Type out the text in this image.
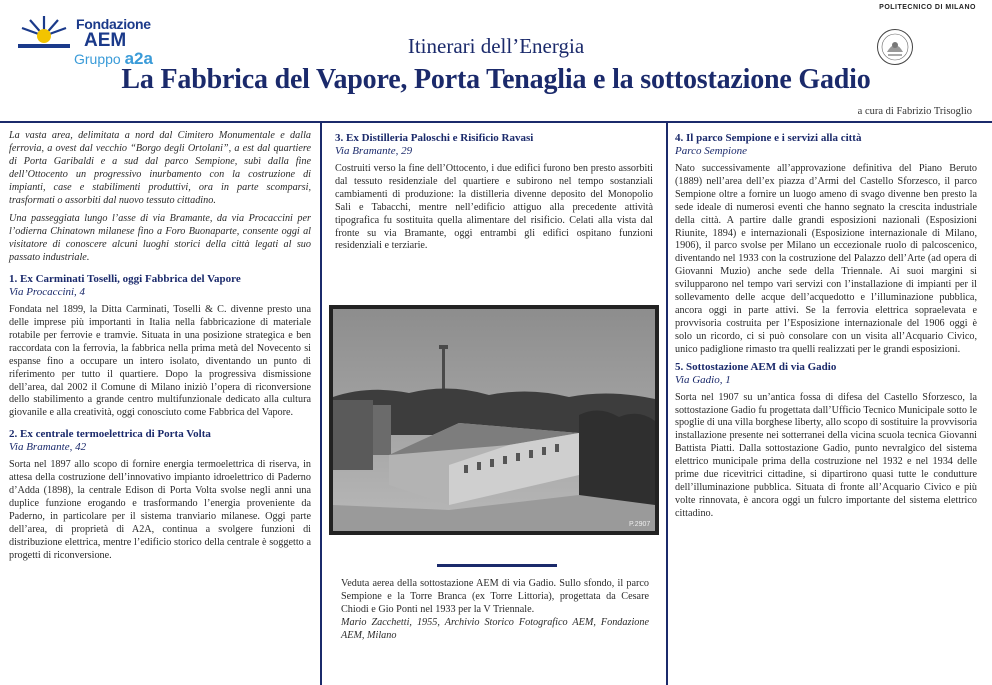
Fondazione
AEM
Gruppo a2a
POLITECNICO DI MILANO
Itinerari dell’Energia
La Fabbrica del Vapore, Porta Tenaglia e la sottostazione Gadio
a cura di Fabrizio Trisoglio

La vasta area, delimitata a nord dal Cimitero Monumentale e dalla ferrovia, a ovest dal vecchio “Borgo degli Ortolani”, a est dal quartiere di Porta Garibaldi e a sud dal parco Sempione, subì dalla fine dell’Ottocento un progressivo inurbamento con la costruzione di impianti, case e stabilimenti produttivi, ora in parte scomparsi, trasformati o assorbiti dal nuovo tessuto cittadino.

Una passeggiata lungo l’asse di via Bramante, da via Procaccini per l’odierna Chinatown milanese fino a Foro Buonaparte, consente oggi al visitatore di conoscere alcuni luoghi storici della città legati al suo passato industriale.

1. Ex Carminati Toselli, oggi Fabbrica del Vapore
Via Procaccini, 4

Fondata nel 1899, la Ditta Carminati, Toselli & C. divenne presto una delle imprese più importanti in Italia nella fabbricazione di materiale rotabile per ferrovie e tramvie. Situata in una posizione strategica e ben raccordata con la ferrovia, la fabbrica nella prima metà del Novecento si espanse fino a occupare un intero isolato, diventando un punto di riferimento per tutto il quartiere. Dopo la progressiva dismissione dell’area, dal 2002 il Comune di Milano iniziò l’opera di riconversione dello stabilimento a grande centro multifunzionale dedicato alla cultura giovanile e alla creatività, oggi conosciuto come Fabbrica del Vapore.

2. Ex centrale termoelettrica di Porta Volta
Via Bramante, 42

Sorta nel 1897 allo scopo di fornire energia termoelettrica di riserva, in attesa della costruzione dell’innovativo impianto idroelettrico di Paderno d’Adda (1898), la centrale Edison di Porta Volta svolse negli anni una duplice funzione erogando e trasformando l’energia proveniente da Paderno, in particolare per il sistema tranviario milanese. Oggi parte dell’area, di proprietà di A2A, continua a svolgere funzioni di distribuzione elettrica, mentre l’edificio storico della centrale è soggetto a progetti di riconversione.

3. Ex Distilleria Paloschi e Risificio Ravasi
Via Bramante, 29

Costruiti verso la fine dell’Ottocento, i due edifici furono ben presto assorbiti dal tessuto residenziale del quartiere e subirono nel tempo sostanziali cambiamenti di produzione: la distilleria divenne deposito del Monopolio Sali e Tabacchi, mentre nell’edificio attiguo alla precedente attività tipografica fu sostituita quella alimentare del risificio. Celati alla vista dal fronte su via Bramante, oggi entrambi gli edifici ospitano funzioni residenziali e terziarie.

P.2907
Veduta aerea della sottostazione AEM di via Gadio. Sullo sfondo, il parco Sempione e la Torre Branca (ex Torre Littoria), progettata da Cesare Chiodi e Gio Ponti nel 1933 per la V Triennale.
Mario Zacchetti, 1955, Archivio Storico Fotografico AEM, Fondazione AEM, Milano
4. Il parco Sempione e i servizi alla città
Parco Sempione

Nato successivamente all’approvazione definitiva del Piano Beruto (1889) nell’area dell’ex piazza d’Armi del Castello Sforzesco, il parco Sempione oltre a fornire un luogo ameno di svago divenne ben presto la sede ideale di numerosi eventi che hanno segnato la crescita industriale della città. A partire dalle grandi esposizioni nazionali (Esposizioni Riunite, 1894) e internazionali (Esposizione internazionale di Milano, 1906), il parco svolse per Milano un eccezionale ruolo di palcoscenico, diventando nel 1933 con la costruzione del Palazzo dell’Arte (ad opera di Giovanni Muzio) anche sede della Triennale. Ai suoi margini si svilupparono nel tempo vari servizi con l’installazione di impianti per il sollevamento delle acque dell’acquedotto e l’illuminazione pubblica, ancora oggi in parte attivi. Se la ferrovia elettrica sopraelevata e provvisoria costruita per l’Esposizione internazionale del 1906 oggi è solo un ricordo, ci si può consolare con un visita all’Acquario Civico, unico padiglione rimasto tra quelli realizzati per le grandi esposizioni.

5. Sottostazione AEM di via Gadio
Via Gadio, 1

Sorta nel 1907 su un’antica fossa di difesa del Castello Sforzesco, la sottostazione Gadio fu progettata dall’Ufficio Tecnico Municipale sotto le spoglie di una villa borghese liberty, allo scopo di sostituire la provvisoria installazione presente nei sotterranei della vicina scuola tecnica Giovanni Battista Piatti. Dalla sottostazione Gadio, punto nevralgico del sistema elettrico municipale prima della costruzione nel 1932 e nel 1934 delle prime due ricevitrici cittadine, si dipartirono quasi tutte le condutture dell’illuminazione pubblica. Situata di fronte all’Acquario Civico e più volte rinnovata, è ancora oggi un fulcro importante del sistema elettrico cittadino.
